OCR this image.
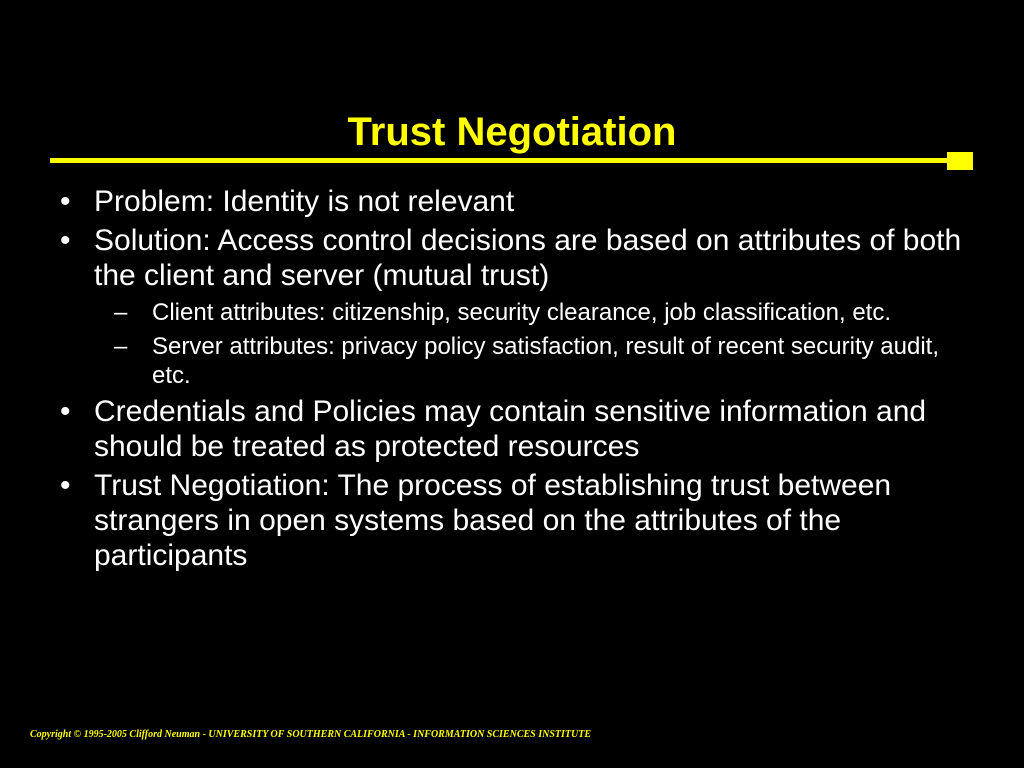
Trust Negotiation
• Problem: Identity is not relevant
• Solution: Access control decisions are based on attributes of both the client and server (mutual trust)
– Client attributes: citizenship, security clearance, job classification, etc.
– Server attributes: privacy policy satisfaction, result of recent security audit, etc.
• Credentials and Policies may contain sensitive information and should be treated as protected resources
• Trust Negotiation: The process of establishing trust between strangers in open systems based on the attributes of the participants
Copyright © 1995-2005 Clifford Neuman - UNIVERSITY OF SOUTHERN CALIFORNIA - INFORMATION SCIENCES INSTITUTE
